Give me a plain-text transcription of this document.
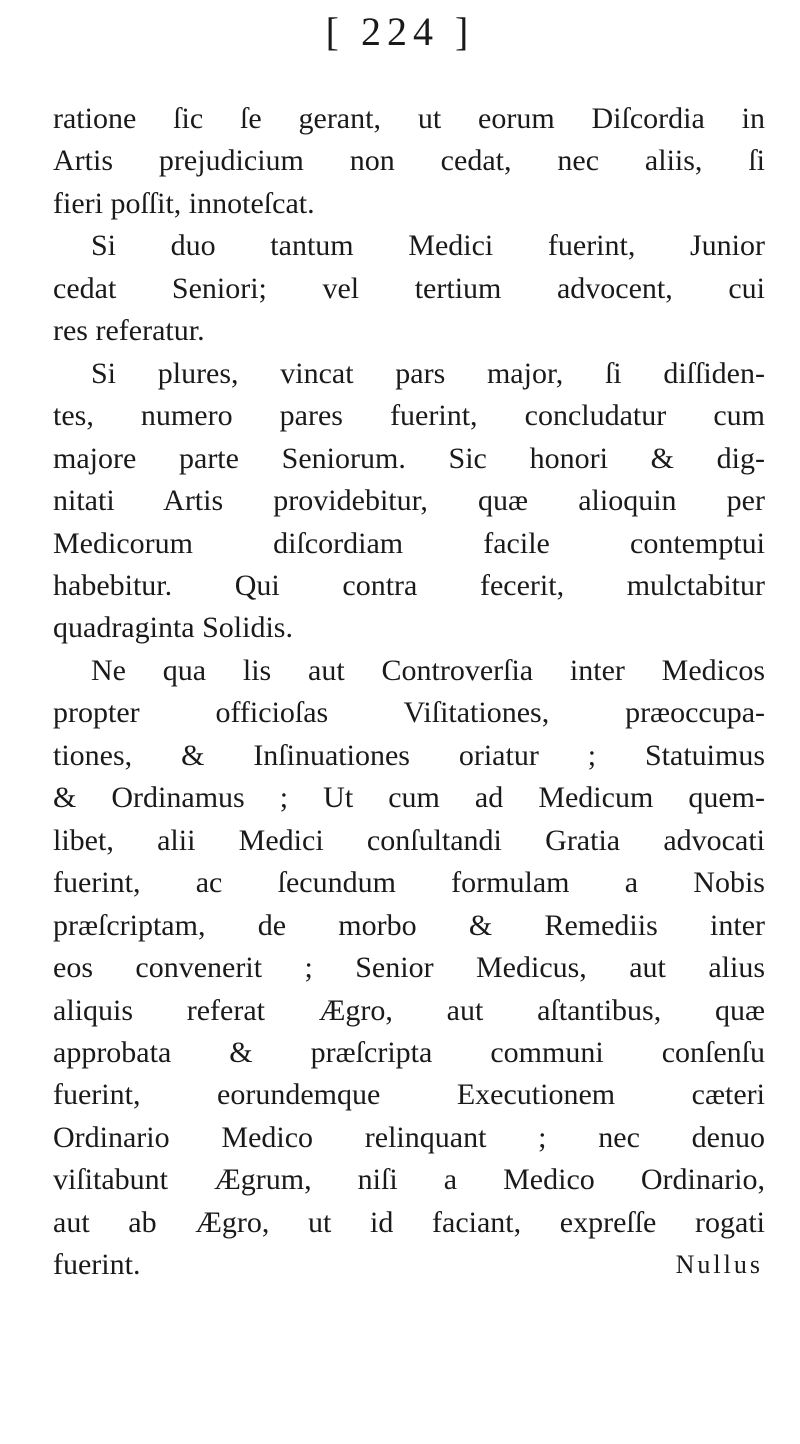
[ 224 ]
ratione ſic ſe gerant, ut eorum Diſcordia in
Artis prejudicium non cedat, nec aliis, ſi
fieri poſſit, innoteſcat.
Si duo tantum Medici fuerint, Junior
cedat Seniori; vel tertium advocent, cui
res referatur.
Si plures, vincat pars major, ſi diſſiden-
tes, numero pares fuerint, concludatur cum
majore parte Seniorum. Sic honori & dig-
nitati Artis providebitur, quæ alioquin per
Medicorum diſcordiam facile contemptui
habebitur. Qui contra fecerit, mulctabitur
quadraginta Solidis.
Ne qua lis aut Controverſia inter Medicos
propter officioſas Viſitationes, præoccupa-
tiones, & Inſinuationes oriatur ; Statuimus
& Ordinamus ; Ut cum ad Medicum quem-
libet, alii Medici conſultandi Gratia advocati
fuerint, ac ſecundum formulam a Nobis
præſcriptam, de morbo & Remediis inter
eos convenerit ; Senior Medicus, aut alius
aliquis referat Ægro, aut aſtantibus, quæ
approbata & præſcripta communi conſenſu
fuerint, eorundemque Executionem cæteri
Ordinario Medico relinquant ; nec denuo
viſitabunt Ægrum, niſi a Medico Ordinario,
aut ab Ægro, ut id faciant, expreſſe rogati
fuerint.	Nullus
